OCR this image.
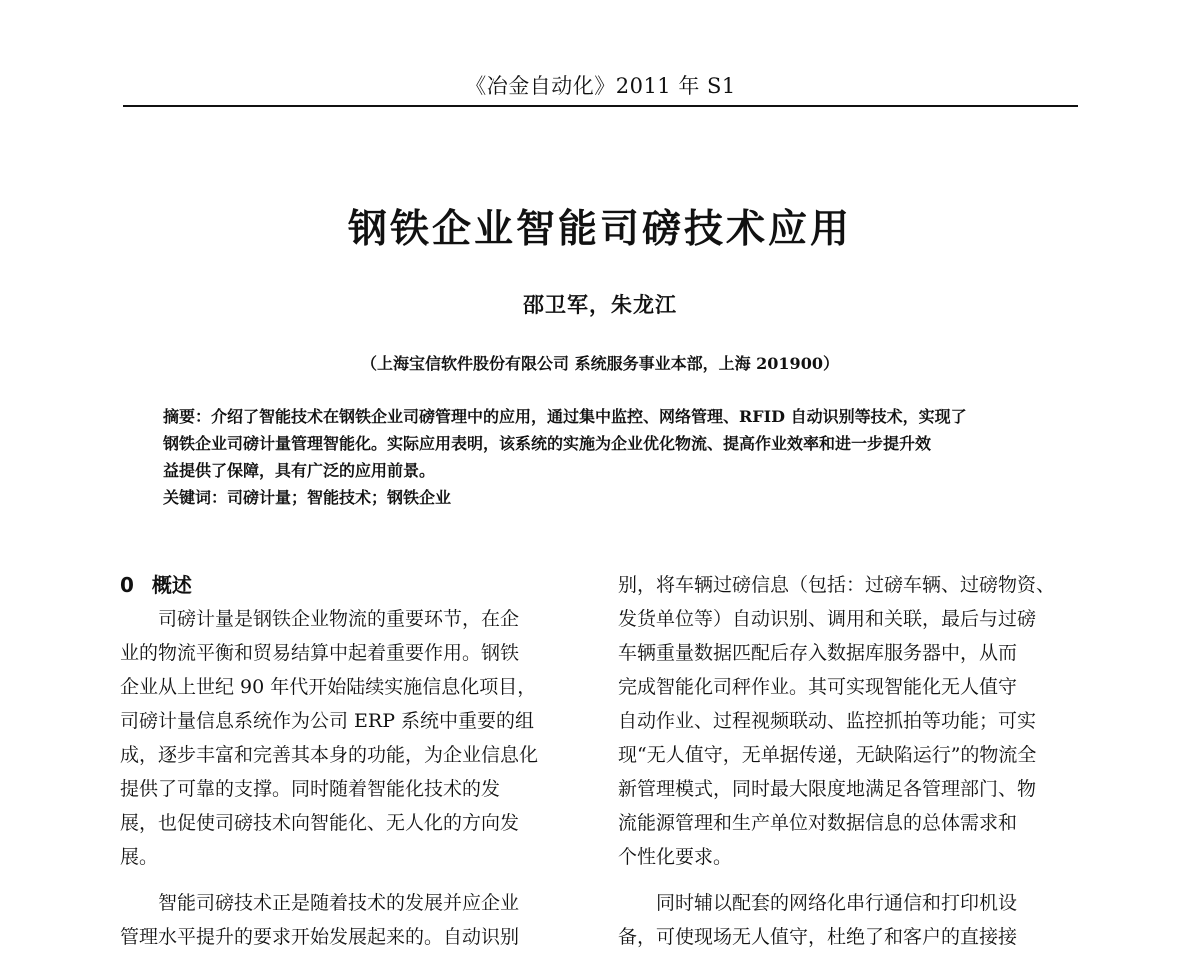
《冶金自动化》2011 年 S1
钢铁企业智能司磅技术应用
邵卫军，朱龙江
（上海宝信软件股份有限公司 系统服务事业本部，上海 201900）
摘要：介绍了智能技术在钢铁企业司磅管理中的应用，通过集中监控、网络管理、RFID 自动识别等技术，实现了
钢铁企业司磅计量管理智能化。实际应用表明，该系统的实施为企业优化物流、提高作业效率和进一步提升效
益提供了保障，具有广泛的应用前景。
关键词：司磅计量；智能技术；钢铁企业
0 概述
司磅计量是钢铁企业物流的重要环节，在企
业的物流平衡和贸易结算中起着重要作用。钢铁
企业从上世纪 90 年代开始陆续实施信息化项目，
司磅计量信息系统作为公司 ERP 系统中重要的组
成，逐步丰富和完善其本身的功能，为企业信息化
提供了可靠的支撑。同时随着智能化技术的发
展，也促使司磅技术向智能化、无人化的方向发
展。
智能司磅技术正是随着技术的发展并应企业
管理水平提升的要求开始发展起来的。自动识别
别，将车辆过磅信息（包括：过磅车辆、过磅物资、
发货单位等）自动识别、调用和关联，最后与过磅
车辆重量数据匹配后存入数据库服务器中，从而
完成智能化司秤作业。其可实现智能化无人值守
自动作业、过程视频联动、监控抓拍等功能；可实
现“无人值守，无单据传递，无缺陷运行”的物流全
新管理模式，同时最大限度地满足各管理部门、物
流能源管理和生产单位对数据信息的总体需求和
个性化要求。
同时辅以配套的网络化串行通信和打印机设
备，可使现场无人值守，杜绝了和客户的直接接
